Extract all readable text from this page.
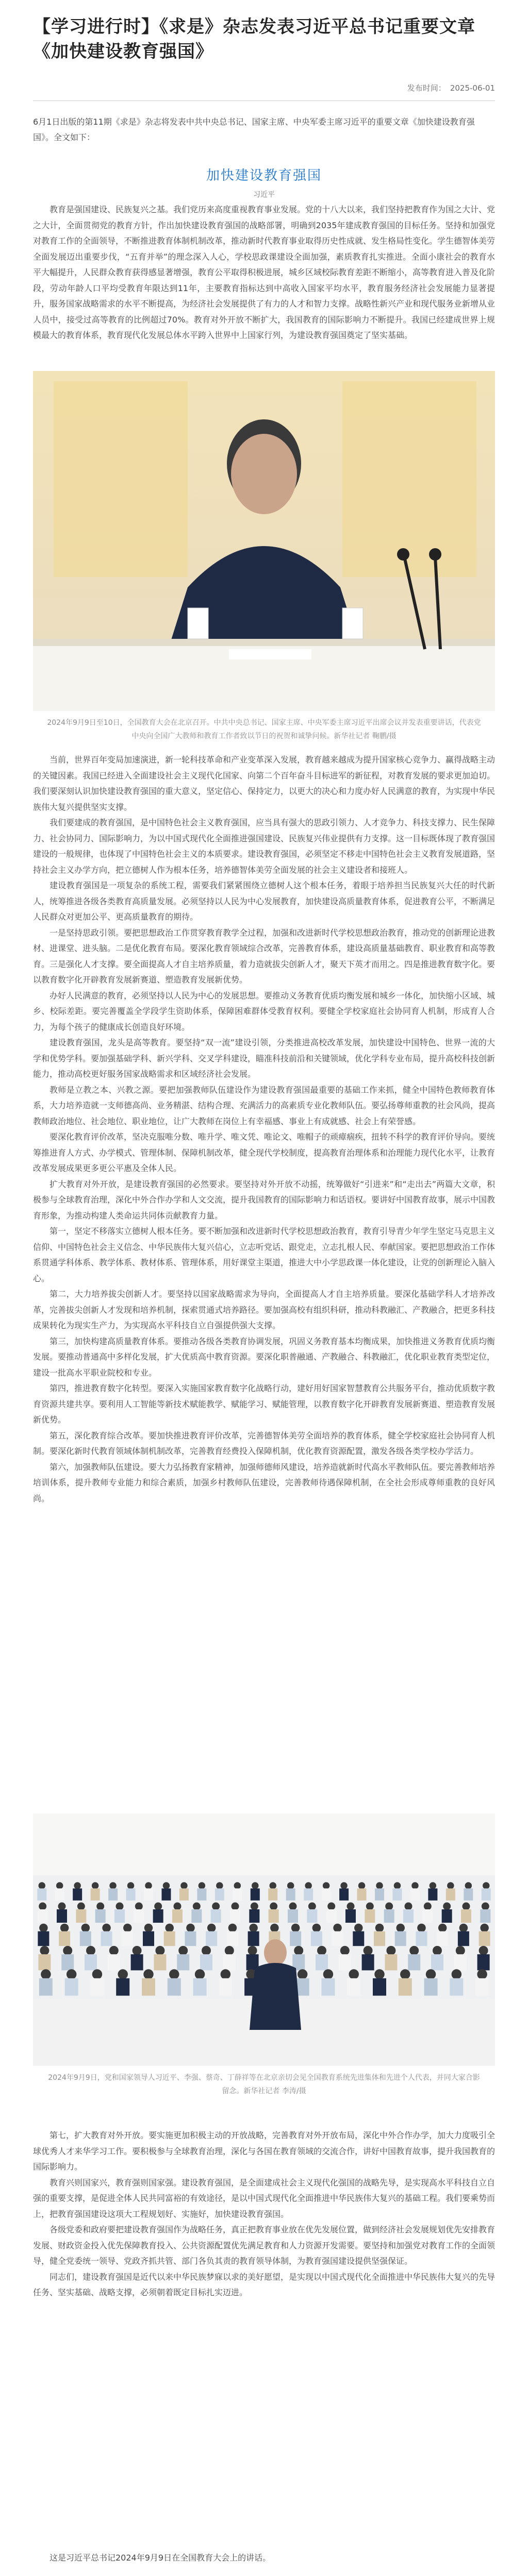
【学习进行时】《求是》杂志发表习近平总书记重要文章《加快建设教育强国》
发布时间： 2025-06-01

6月1日出版的第11期《求是》杂志将发表中共中央总书记、国家主席、中央军委主席习近平的重要文章《加快建设教育强国》。全文如下：

加快建设教育强国
习近平

教育是强国建设、民族复兴之基。我们党历来高度重视教育事业发展。党的十八大以来，我们坚持把教育作为国之大计、党之大计，全面贯彻党的教育方针，作出加快建设教育强国的战略部署，明确到2035年建成教育强国的目标任务。坚持和加强党对教育工作的全面领导，不断推进教育体制机制改革，推动新时代教育事业取得历史性成就、发生格局性变化。学生德智体美劳全面发展迈出重要步伐，“五育并举”的理念深入人心，学校思政课建设全面加强，素质教育扎实推进。全面小康社会的教育水平大幅提升，人民群众教育获得感显著增强，教育公平取得积极进展，城乡区域校际教育差距不断缩小，高等教育进入普及化阶段，劳动年龄人口平均受教育年限达到11年，主要教育指标达到中高收入国家平均水平，教育服务经济社会发展能力显著提升，服务国家战略需求的水平不断提高，为经济社会发展提供了有力的人才和智力支撑。战略性新兴产业和现代服务业新增从业人员中，接受过高等教育的比例超过70%。教育对外开放不断扩大，我国教育的国际影响力不断提升。我国已经建成世界上规模最大的教育体系，教育现代化发展总体水平跨入世界中上国家行列，为建设教育强国奠定了坚实基础。

2024年9月9日至10日，全国教育大会在北京召开。中共中央总书记、国家主席、中央军委主席习近平出席会议并发表重要讲话，代表党中央向全国广大教师和教育工作者致以节日的祝贺和诚挚问候。新华社记者 鞠鹏/摄

当前，世界百年变局加速演进，新一轮科技革命和产业变革深入发展，教育越来越成为提升国家核心竞争力、赢得战略主动的关键因素。我国已经进入全面建设社会主义现代化国家、向第二个百年奋斗目标进军的新征程，对教育发展的要求更加迫切。我们要深刻认识加快建设教育强国的重大意义，坚定信心、保持定力，以更大的决心和力度办好人民满意的教育，为实现中华民族伟大复兴提供坚实支撑。

我们要建成的教育强国，是中国特色社会主义教育强国，应当具有强大的思政引领力、人才竞争力、科技支撑力、民生保障力、社会协同力、国际影响力，为以中国式现代化全面推进强国建设、民族复兴伟业提供有力支撑。这一目标既体现了教育强国建设的一般规律，也体现了中国特色社会主义的本质要求。建设教育强国，必须坚定不移走中国特色社会主义教育发展道路，坚持社会主义办学方向，把立德树人作为根本任务，培养德智体美劳全面发展的社会主义建设者和接班人。

建设教育强国是一项复杂的系统工程，需要我们紧紧围绕立德树人这个根本任务，着眼于培养担当民族复兴大任的时代新人，统筹推进各级各类教育高质量发展。必须坚持以人民为中心发展教育，加快建设高质量教育体系，促进教育公平，不断满足人民群众对更加公平、更高质量教育的期待。

一是坚持思政引领。要把思想政治工作贯穿教育教学全过程，加强和改进新时代学校思想政治教育，推动党的创新理论进教材、进课堂、进头脑。二是优化教育布局。要深化教育领域综合改革，完善教育体系，建设高质量基础教育、职业教育和高等教育。三是强化人才支撑。要全面提高人才自主培养质量，着力造就拔尖创新人才，聚天下英才而用之。四是推进教育数字化。要以教育数字化开辟教育发展新赛道、塑造教育发展新优势。

办好人民满意的教育，必须坚持以人民为中心的发展思想。要推动义务教育优质均衡发展和城乡一体化，加快缩小区域、城乡、校际差距。要完善覆盖全学段学生资助体系，保障困难群体受教育权利。要健全学校家庭社会协同育人机制，形成育人合力，为每个孩子的健康成长创造良好环境。

建设教育强国，龙头是高等教育。要坚持“双一流”建设引领，分类推进高校改革发展，加快建设中国特色、世界一流的大学和优势学科。要加强基础学科、新兴学科、交叉学科建设，瞄准科技前沿和关键领域，优化学科专业布局，提升高校科技创新能力，推动高校更好服务国家战略需求和区域经济社会发展。

教师是立教之本、兴教之源。要把加强教师队伍建设作为建设教育强国最重要的基础工作来抓，健全中国特色教师教育体系，大力培养造就一支师德高尚、业务精湛、结构合理、充满活力的高素质专业化教师队伍。要弘扬尊师重教的社会风尚，提高教师政治地位、社会地位、职业地位，让广大教师在岗位上有幸福感、事业上有成就感、社会上有荣誉感。

要深化教育评价改革，坚决克服唯分数、唯升学、唯文凭、唯论文、唯帽子的顽瘴痼疾，扭转不科学的教育评价导向。要统筹推进育人方式、办学模式、管理体制、保障机制改革，健全现代学校制度，提高教育治理体系和治理能力现代化水平，让教育改革发展成果更多更公平惠及全体人民。

扩大教育对外开放，是建设教育强国的必然要求。要坚持对外开放不动摇，统筹做好“引进来”和“走出去”两篇大文章，积极参与全球教育治理，深化中外合作办学和人文交流，提升我国教育的国际影响力和话语权。要讲好中国教育故事，展示中国教育形象，为推动构建人类命运共同体贡献教育力量。

第一，坚定不移落实立德树人根本任务。要不断加强和改进新时代学校思想政治教育，教育引导青少年学生坚定马克思主义信仰、中国特色社会主义信念、中华民族伟大复兴信心，立志听党话、跟党走，立志扎根人民、奉献国家。要把思想政治工作体系贯通学科体系、教学体系、教材体系、管理体系，用好课堂主渠道，推进大中小学思政课一体化建设，让党的创新理论入脑入心。

第二，大力培养拔尖创新人才。要坚持以国家战略需求为导向，全面提高人才自主培养质量。要深化基础学科人才培养改革，完善拔尖创新人才发现和培养机制，探索贯通式培养路径。要加强高校有组织科研，推动科教融汇、产教融合，把更多科技成果转化为现实生产力，为实现高水平科技自立自强提供强大支撑。

第三，加快构建高质量教育体系。要推动各级各类教育协调发展，巩固义务教育基本均衡成果，加快推进义务教育优质均衡发展。要推动普通高中多样化发展，扩大优质高中教育资源。要深化职普融通、产教融合、科教融汇，优化职业教育类型定位，建设一批高水平职业院校和专业。

第四，推进教育数字化转型。要深入实施国家教育数字化战略行动，建好用好国家智慧教育公共服务平台，推动优质数字教育资源共建共享。要利用人工智能等新技术赋能教学、赋能学习、赋能管理，以教育数字化开辟教育发展新赛道、塑造教育发展新优势。

第五，深化教育综合改革。要加快推进教育评价改革，完善德智体美劳全面培养的教育体系，健全学校家庭社会协同育人机制。要深化新时代教育领域体制机制改革，完善教育经费投入保障机制，优化教育资源配置，激发各级各类学校办学活力。

第六，加强教师队伍建设。要大力弘扬教育家精神，加强师德师风建设，培养造就新时代高水平教师队伍。要完善教师培养培训体系，提升教师专业能力和综合素质，加强乡村教师队伍建设，完善教师待遇保障机制，在全社会形成尊师重教的良好风尚。

2024年9月9日，党和国家领导人习近平、李强、蔡奇、丁薛祥等在北京亲切会见全国教育系统先进集体和先进个人代表，并同大家合影留念。新华社记者 李涛/摄

第七，扩大教育对外开放。要实施更加积极主动的开放战略，完善教育对外开放布局，深化中外合作办学，加大力度吸引全球优秀人才来华学习工作。要积极参与全球教育治理，深化与各国在教育领域的交流合作，讲好中国教育故事，提升我国教育的国际影响力。

教育兴则国家兴，教育强则国家强。建设教育强国，是全面建成社会主义现代化强国的战略先导，是实现高水平科技自立自强的重要支撑，是促进全体人民共同富裕的有效途径，是以中国式现代化全面推进中华民族伟大复兴的基础工程。我们要乘势而上，把教育强国建设这项大工程规划好、实施好，加快建设教育强国。

各级党委和政府要把建设教育强国作为战略任务，真正把教育事业放在优先发展位置，做到经济社会发展规划优先安排教育发展、财政资金投入优先保障教育投入、公共资源配置优先满足教育和人力资源开发需要。要坚持和加强党对教育工作的全面领导，健全党委统一领导、党政齐抓共管、部门各负其责的教育领导体制，为教育强国建设提供坚强保证。

同志们，建设教育强国是近代以来中华民族梦寐以求的美好愿望，是实现以中国式现代化全面推进中华民族伟大复兴的先导任务、坚实基础、战略支撑，必须朝着既定目标扎实迈进。

这是习近平总书记2024年9月9日在全国教育大会上的讲话。
